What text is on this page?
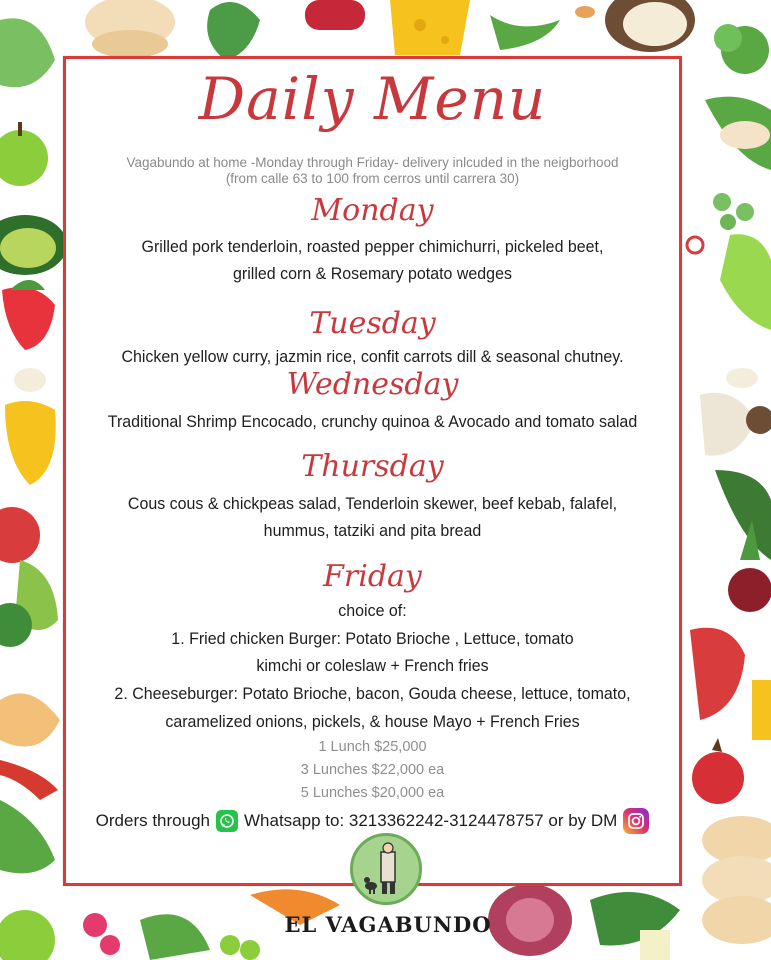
Daily Menu
Vagabundo at home -Monday through Friday- delivery inlcuded in the neigborhood
(from calle 63 to 100 from cerros until carrera 30)
Monday
Grilled pork tenderloin, roasted pepper chimichurri, pickeled beet,
grilled corn & Rosemary potato wedges
Tuesday
Chicken yellow curry, jazmin rice, confit carrots dill & seasonal chutney.
Wednesday
Traditional Shrimp Encocado, crunchy quinoa & Avocado and tomato salad
Thursday
Cous cous & chickpeas salad, Tenderloin skewer, beef kebab, falafel,
hummus, tatziki and pita bread
Friday
choice of:
1. Fried chicken Burger: Potato Brioche , Lettuce, tomato
kimchi or coleslaw + French fries
2. Cheeseburger: Potato Brioche, bacon, Gouda cheese, lettuce, tomato,
caramelized onions, pickels, & house Mayo + French Fries
1 Lunch $25,000
3 Lunches $22,000 ea
5 Lunches $20,000 ea
Orders through Whatsapp to: 3213362242-3124478757 or by DM
EL VAGABUNDO
